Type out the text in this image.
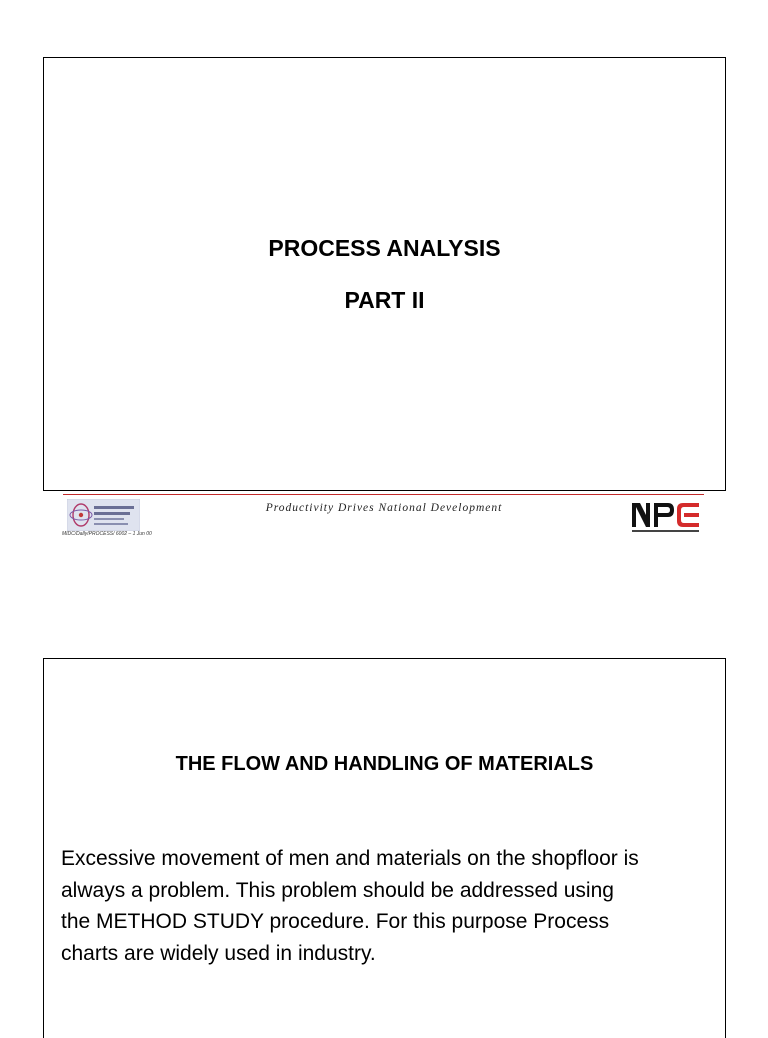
PROCESS ANALYSIS
PART II
MIDC/Dally/PROCESS/ 6002 – 1 Jun 00
Productivity Drives National Development
THE FLOW AND HANDLING OF MATERIALS
Excessive movement of men and materials on the shopfloor is
always a problem. This problem should be addressed using
the METHOD STUDY procedure. For this purpose Process
charts are widely used in industry.
